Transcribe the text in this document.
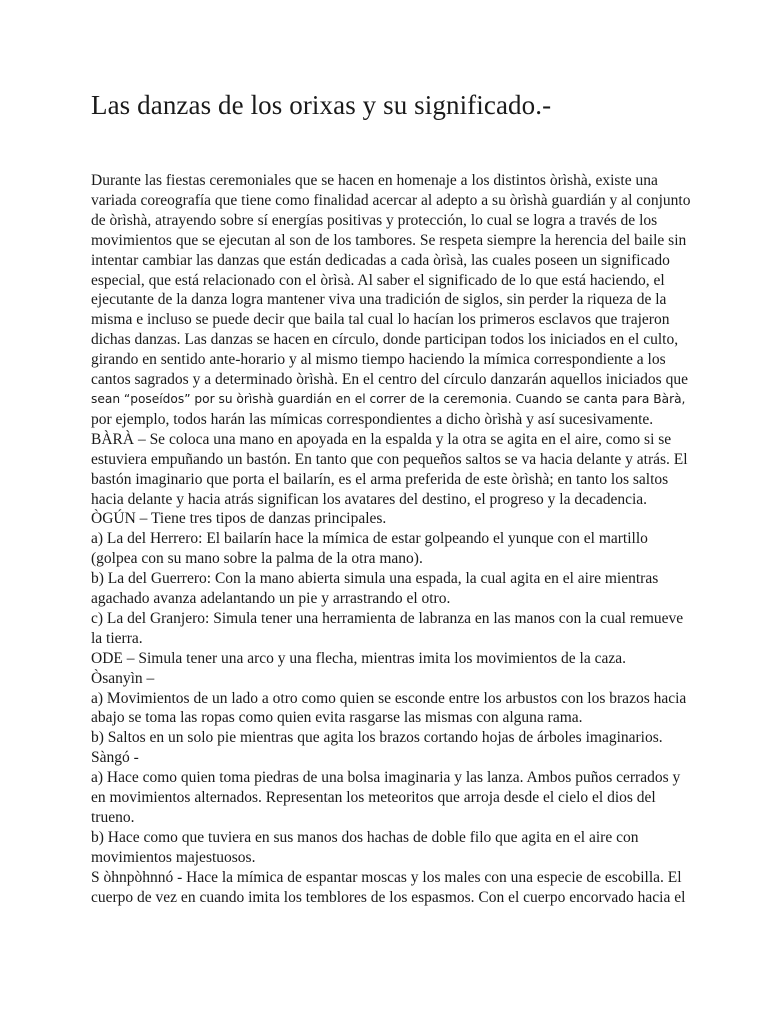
Las danzas de los orixas y su significado.-
Durante las fiestas ceremoniales que se hacen en homenaje a los distintos òrìshà, existe una
variada coreografía que tiene como finalidad acercar al adepto a su òrìshà guardián y al conjunto
de òrìshà, atrayendo sobre sí energías positivas y protección, lo cual se logra a través de los
movimientos que se ejecutan al son de los tambores. Se respeta siempre la herencia del baile sin
intentar cambiar las danzas que están dedicadas a cada òrìsà, las cuales poseen un significado
especial, que está relacionado con el òrìsà. Al saber el significado de lo que está haciendo, el
ejecutante de la danza logra mantener viva una tradición de siglos, sin perder la riqueza de la
misma e incluso se puede decir que baila tal cual lo hacían los primeros esclavos que trajeron
dichas danzas. Las danzas se hacen en círculo, donde participan todos los iniciados en el culto,
girando en sentido ante-horario y al mismo tiempo haciendo la mímica correspondiente a los
cantos sagrados y a determinado òrìshà. En el centro del círculo danzarán aquellos iniciados que
sean “poseídos” por su òrìshà guardián en el correr de la ceremonia. Cuando se canta para Bàrà,
por ejemplo, todos harán las mímicas correspondientes a dicho òrìshà y así sucesivamente.
BÀRÀ – Se coloca una mano en apoyada en la espalda y la otra se agita en el aire, como si se
estuviera empuñando un bastón. En tanto que con pequeños saltos se va hacia delante y atrás. El
bastón imaginario que porta el bailarín, es el arma preferida de este òrìshà; en tanto los saltos
hacia delante y hacia atrás significan los avatares del destino, el progreso y la decadencia.
ÒGÚN – Tiene tres tipos de danzas principales.
a) La del Herrero: El bailarín hace la mímica de estar golpeando el yunque con el martillo
(golpea con su mano sobre la palma de la otra mano).
b) La del Guerrero: Con la mano abierta simula una espada, la cual agita en el aire mientras
agachado avanza adelantando un pie y arrastrando el otro.
c) La del Granjero: Simula tener una herramienta de labranza en las manos con la cual remueve
la tierra.
ODE – Simula tener una arco y una flecha, mientras imita los movimientos de la caza.
Òsanyìn –
a) Movimientos de un lado a otro como quien se esconde entre los arbustos con los brazos hacia
abajo se toma las ropas como quien evita rasgarse las mismas con alguna rama.
b) Saltos en un solo pie mientras que agita los brazos cortando hojas de árboles imaginarios.
Sàngó -
a) Hace como quien toma piedras de una bolsa imaginaria y las lanza. Ambos puños cerrados y
en movimientos alternados. Representan los meteoritos que arroja desde el cielo el dios del
trueno.
b) Hace como que tuviera en sus manos dos hachas de doble filo que agita en el aire con
movimientos majestuosos.
S òhnpòhnnó - Hace la mímica de espantar moscas y los males con una especie de escobilla. El
cuerpo de vez en cuando imita los temblores de los espasmos. Con el cuerpo encorvado hacia el
